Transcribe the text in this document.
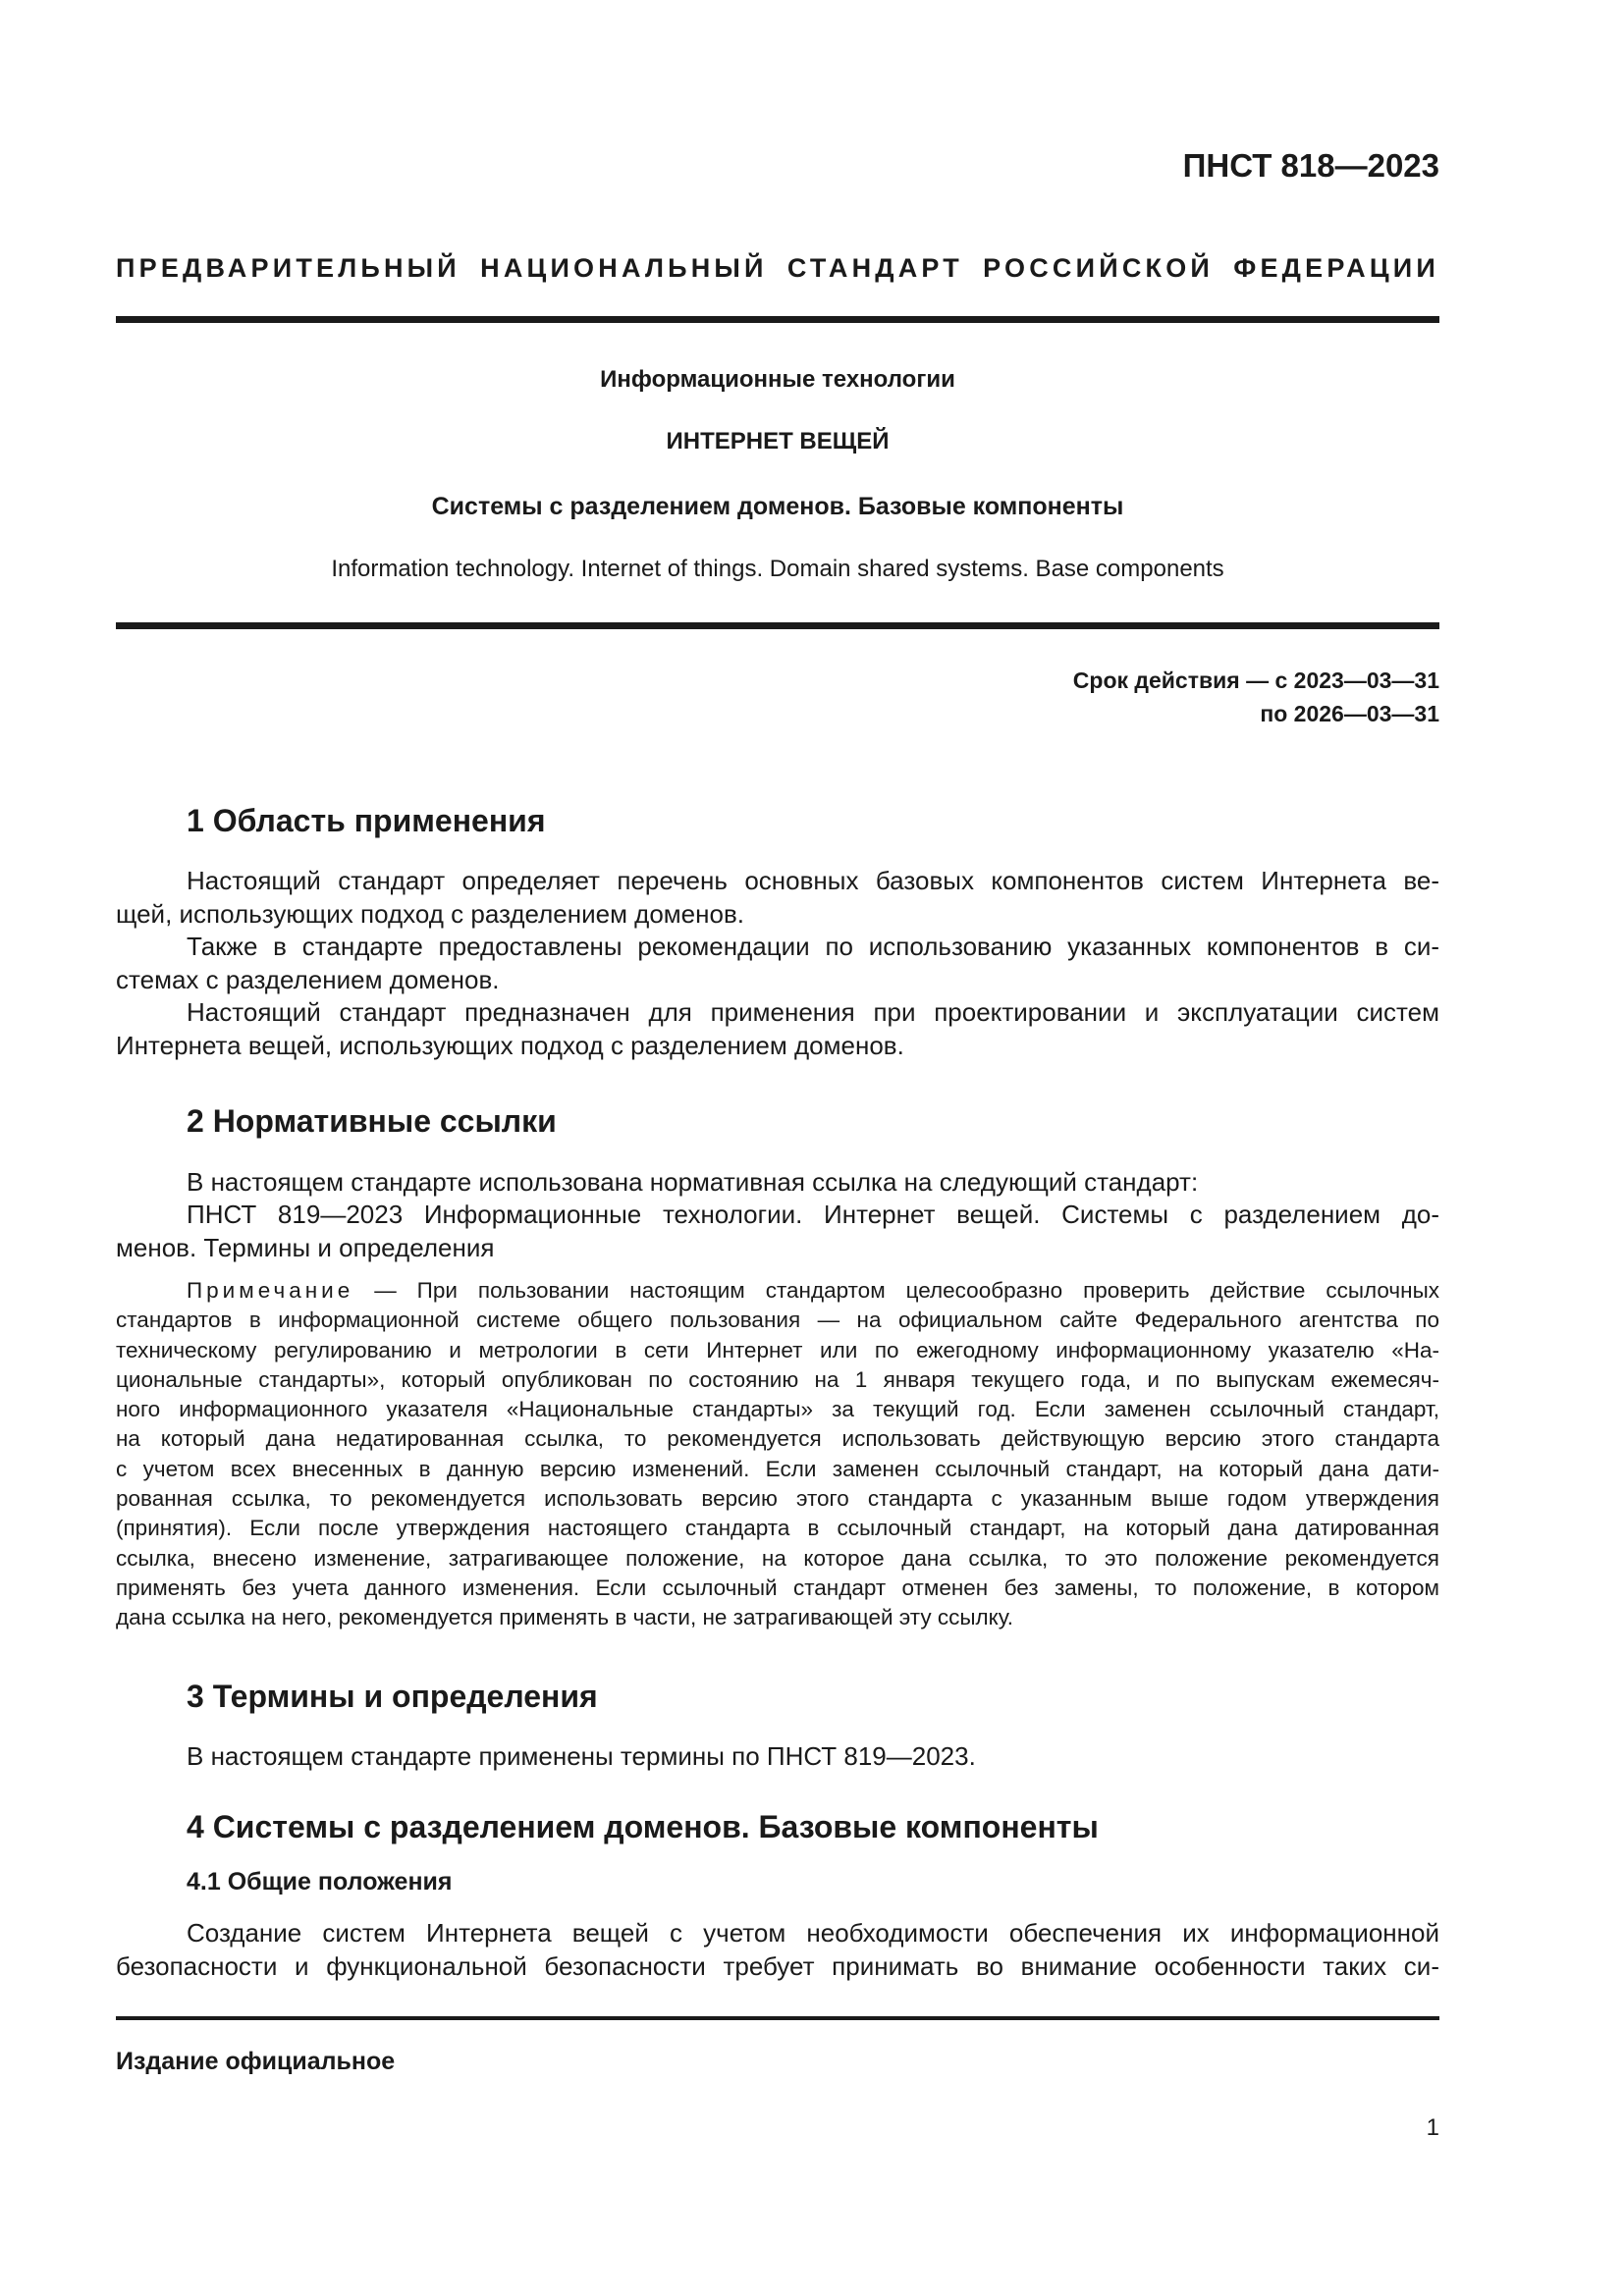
ПНСТ 818—2023
ПРЕДВАРИТЕЛЬНЫЙ НАЦИОНАЛЬНЫЙ СТАНДАРТ РОССИЙСКОЙ ФЕДЕРАЦИИ
Информационные технологии
ИНТЕРНЕТ ВЕЩЕЙ
Системы с разделением доменов. Базовые компоненты
Information technology. Internet of things. Domain shared systems. Base components
Срок действия — с 2023—03—31
по 2026—03—31
1 Область применения
Настоящий стандарт определяет перечень основных базовых компонентов систем Интернета ве-
щей, использующих подход с разделением доменов.
Также в стандарте предоставлены рекомендации по использованию указанных компонентов в си-
стемах с разделением доменов.
Настоящий стандарт предназначен для применения при проектировании и эксплуатации систем
Интернета вещей, использующих подход с разделением доменов.
2 Нормативные ссылки
В настоящем стандарте использована нормативная ссылка на следующий стандарт:
ПНСТ 819—2023 Информационные технологии. Интернет вещей. Системы с разделением до-
менов. Термины и определения
Примечание — При пользовании настоящим стандартом целесообразно проверить действие ссылочных
стандартов в информационной системе общего пользования — на официальном сайте Федерального агентства по
техническому регулированию и метрологии в сети Интернет или по ежегодному информационному указателю «На-
циональные стандарты», который опубликован по состоянию на 1 января текущего года, и по выпускам ежемесяч-
ного информационного указателя «Национальные стандарты» за текущий год. Если заменен ссылочный стандарт,
на который дана недатированная ссылка, то рекомендуется использовать действующую версию этого стандарта
с учетом всех внесенных в данную версию изменений. Если заменен ссылочный стандарт, на который дана дати-
рованная ссылка, то рекомендуется использовать версию этого стандарта с указанным выше годом утверждения
(принятия). Если после утверждения настоящего стандарта в ссылочный стандарт, на который дана датированная
ссылка, внесено изменение, затрагивающее положение, на которое дана ссылка, то это положение рекомендуется
применять без учета данного изменения. Если ссылочный стандарт отменен без замены, то положение, в котором
дана ссылка на него, рекомендуется применять в части, не затрагивающей эту ссылку.
3 Термины и определения
В настоящем стандарте применены термины по ПНСТ 819—2023.
4 Системы с разделением доменов. Базовые компоненты
4.1 Общие положения
Создание систем Интернета вещей с учетом необходимости обеспечения их информационной
безопасности и функциональной безопасности требует принимать во внимание особенности таких си-
Издание официальное
1
